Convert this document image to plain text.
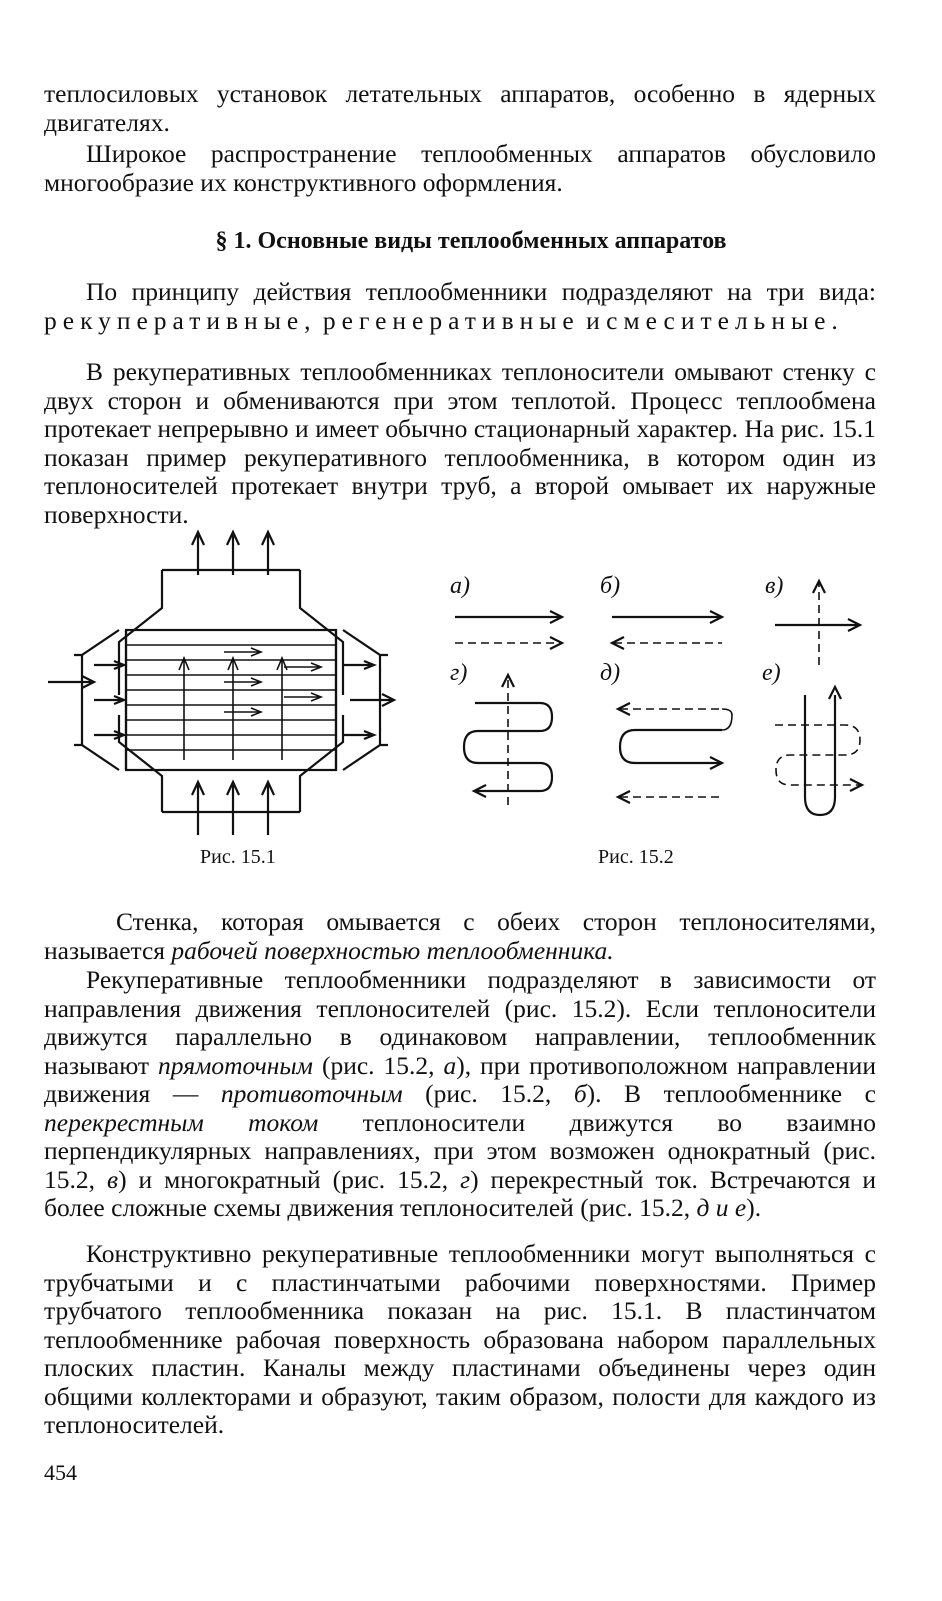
теплосиловых установок летательных аппаратов, особенно в ядерных двигателях.

Широкое распространение теплообменных аппаратов обусловило многообразие их конструктивного оформления.

§ 1. Основные виды теплообменных аппаратов

По принципу действия теплообменники подразделяют на три вида: рекуперативные, регенеративные и смесительные.

В рекуперативных теплообменниках теплоносители омывают стенку с двух сторон и обмениваются при этом теплотой. Процесс теплообмена протекает непрерывно и имеет обычно стационарный характер. На рис. 15.1 показан пример рекуперативного теплообменника, в котором один из теплоносителей протекает внутри труб, а второй омывает их наружные поверхности.

Рис. 15.1
а)	б)	в)
г)	д)	е)
Рис. 15.2

Стенка, которая омывается с обеих сторон теплоносителями, называется рабочей поверхностью теплообменника.

Рекуперативные теплообменники подразделяют в зависимости от направления движения теплоносителей (рис. 15.2). Если теплоносители движутся параллельно в одинаковом направлении, теплообменник называют прямоточным (рис. 15.2, а), при противоположном направлении движения — противоточным (рис. 15.2, б). В теплообменнике с перекрестным током теплоносители движутся во взаимно перпендикулярных направлениях, при этом возможен однократный (рис. 15.2, в) и многократный (рис. 15.2, г) перекрестный ток. Встречаются и более сложные схемы движения теплоносителей (рис. 15.2, д и е).

Конструктивно рекуперативные теплообменники могут выполняться с трубчатыми и с пластинчатыми рабочими поверхностями. Пример трубчатого теплообменника показан на рис. 15.1. В пластинчатом теплообменнике рабочая поверхность образована набором параллельных плоских пластин. Каналы между пластинами объединены через один общими коллекторами и образуют, таким образом, полости для каждого из теплоносителей.

454
